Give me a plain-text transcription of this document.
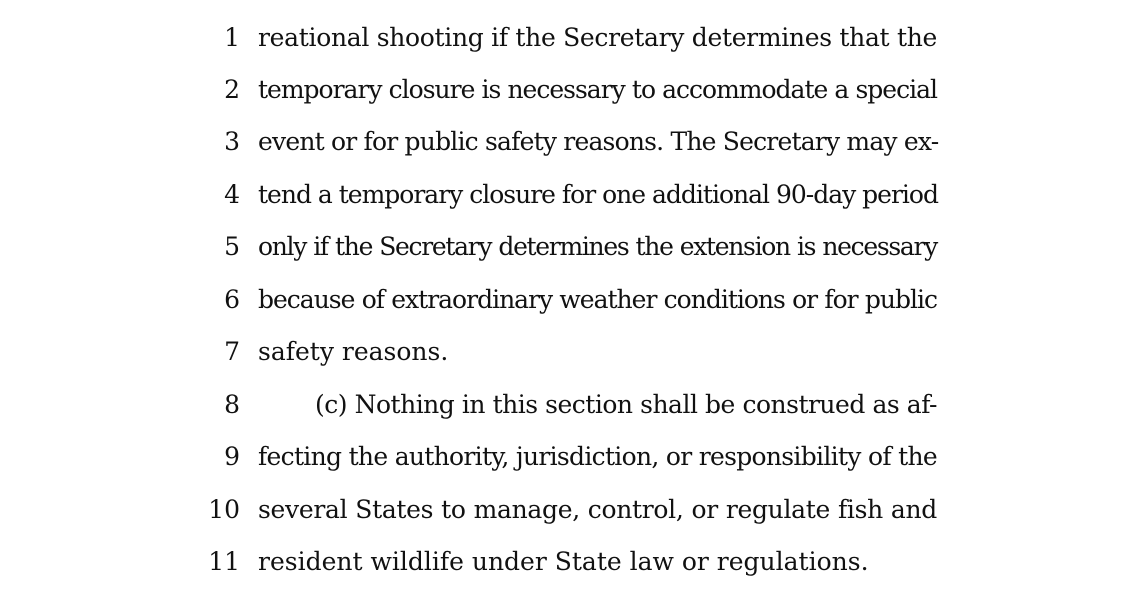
1 reational shooting if the Secretary determines that the
2 temporary closure is necessary to accommodate a special
3 event or for public safety reasons. The Secretary may ex-
4 tend a temporary closure for one additional 90-day period
5 only if the Secretary determines the extension is necessary
6 because of extraordinary weather conditions or for public
7 safety reasons.
8	(c) Nothing in this section shall be construed as af-
9 fecting the authority, jurisdiction, or responsibility of the
10 several States to manage, control, or regulate fish and
11 resident wildlife under State law or regulations.
